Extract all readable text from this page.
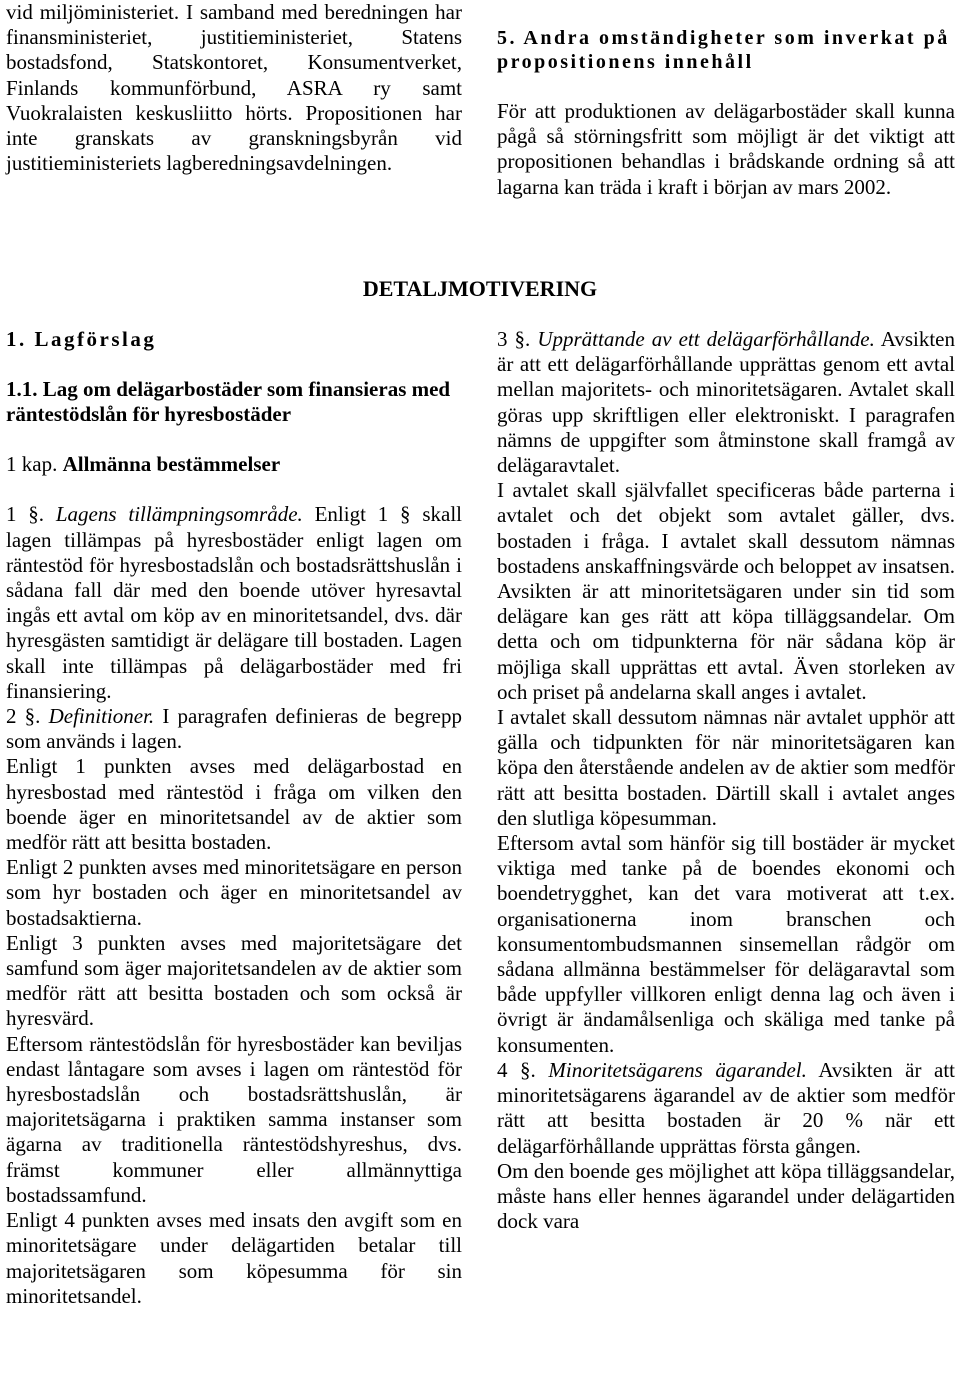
vid miljöministeriet. I samband med beredningen har finansministeriet, justitieministeriet, Statens bostadsfond, Statskontoret, Konsumentverket, Finlands kommunförbund, ASRA ry samt Vuokralaisten keskusliitto hörts. Propositionen har inte granskats av granskningsbyrån vid justitieministeriets lagberedningsavdelningen.

5. Andra omständigheter som inverkat på propositionens innehåll

För att produktionen av delägarbostäder skall kunna pågå så störningsfritt som möjligt är det viktigt att propositionen behandlas i brådskande ordning så att lagarna kan träda i kraft i början av mars 2002.

DETALJMOTIVERING

1. Lagförslag

1.1. Lag om delägarbostäder som finansieras med räntestödslån för hyresbostäder

1 kap. Allmänna bestämmelser

1 §. Lagens tillämpningsområde. Enligt 1 § skall lagen tillämpas på hyresbostäder enligt lagen om räntestöd för hyresbostadslån och bostadsrättshuslån i sådana fall där med den boende utöver hyresavtal ingås ett avtal om köp av en minoritetsandel, dvs. där hyresgästen samtidigt är delägare till bostaden. Lagen skall inte tillämpas på delägarbostäder med fri finansiering.

2 §. Definitioner. I paragrafen definieras de begrepp som används i lagen.

Enligt 1 punkten avses med delägarbostad en hyresbostad med räntestöd i fråga om vilken den boende äger en minoritetsandel av de aktier som medför rätt att besitta bostaden.

Enligt 2 punkten avses med minoritetsägare en person som hyr bostaden och äger en minoritetsandel av bostadsaktierna.

Enligt 3 punkten avses med majoritetsägare det samfund som äger majoritetsandelen av de aktier som medför rätt att besitta bostaden och som också är hyresvärd.

Eftersom räntestödslån för hyresbostäder kan beviljas endast låntagare som avses i lagen om räntestöd för hyresbostadslån och bostadsrättshuslån, är majoritetsägarna i praktiken samma instanser som ägarna av traditionella räntestödshyreshus, dvs. främst kommuner eller allmännyttiga bostadssamfund.

Enligt 4 punkten avses med insats den avgift som en minoritetsägare under delägartiden betalar till majoritetsägaren som köpesumma för sin minoritetsandel.

3 §. Upprättande av ett delägarförhållande. Avsikten är att ett delägarförhållande upprättas genom ett avtal mellan majoritets- och minoritetsägaren. Avtalet skall göras upp skriftligen eller elektroniskt. I paragrafen nämns de uppgifter som åtminstone skall framgå av delägaravtalet.

I avtalet skall självfallet specificeras både parterna i avtalet och det objekt som avtalet gäller, dvs. bostaden i fråga. I avtalet skall dessutom nämnas bostadens anskaffningsvärde och beloppet av insatsen.

Avsikten är att minoritetsägaren under sin tid som delägare kan ges rätt att köpa tilläggsandelar. Om detta och om tidpunkterna för när sådana köp är möjliga skall upprättas ett avtal. Även storleken av och priset på andelarna skall anges i avtalet.

I avtalet skall dessutom nämnas när avtalet upphör att gälla och tidpunkten för när minoritetsägaren kan köpa den återstående andelen av de aktier som medför rätt att besitta bostaden. Därtill skall i avtalet anges den slutliga köpesumman.

Eftersom avtal som hänför sig till bostäder är mycket viktiga med tanke på de boendes ekonomi och boendetrygghet, kan det vara motiverat att t.ex. organisationerna inom branschen och konsumentombudsmannen sinsemellan rådgör om sådana allmänna bestämmelser för delägaravtal som både uppfyller villkoren enligt denna lag och även i övrigt är ändamålsenliga och skäliga med tanke på konsumenten.

4 §. Minoritetsägarens ägarandel. Avsikten är att minoritetsägarens ägarandel av de aktier som medför rätt att besitta bostaden är 20 % när ett delägarförhållande upprättas första gången.

Om den boende ges möjlighet att köpa tilläggsandelar, måste hans eller hennes ägarandel under delägartiden dock vara
